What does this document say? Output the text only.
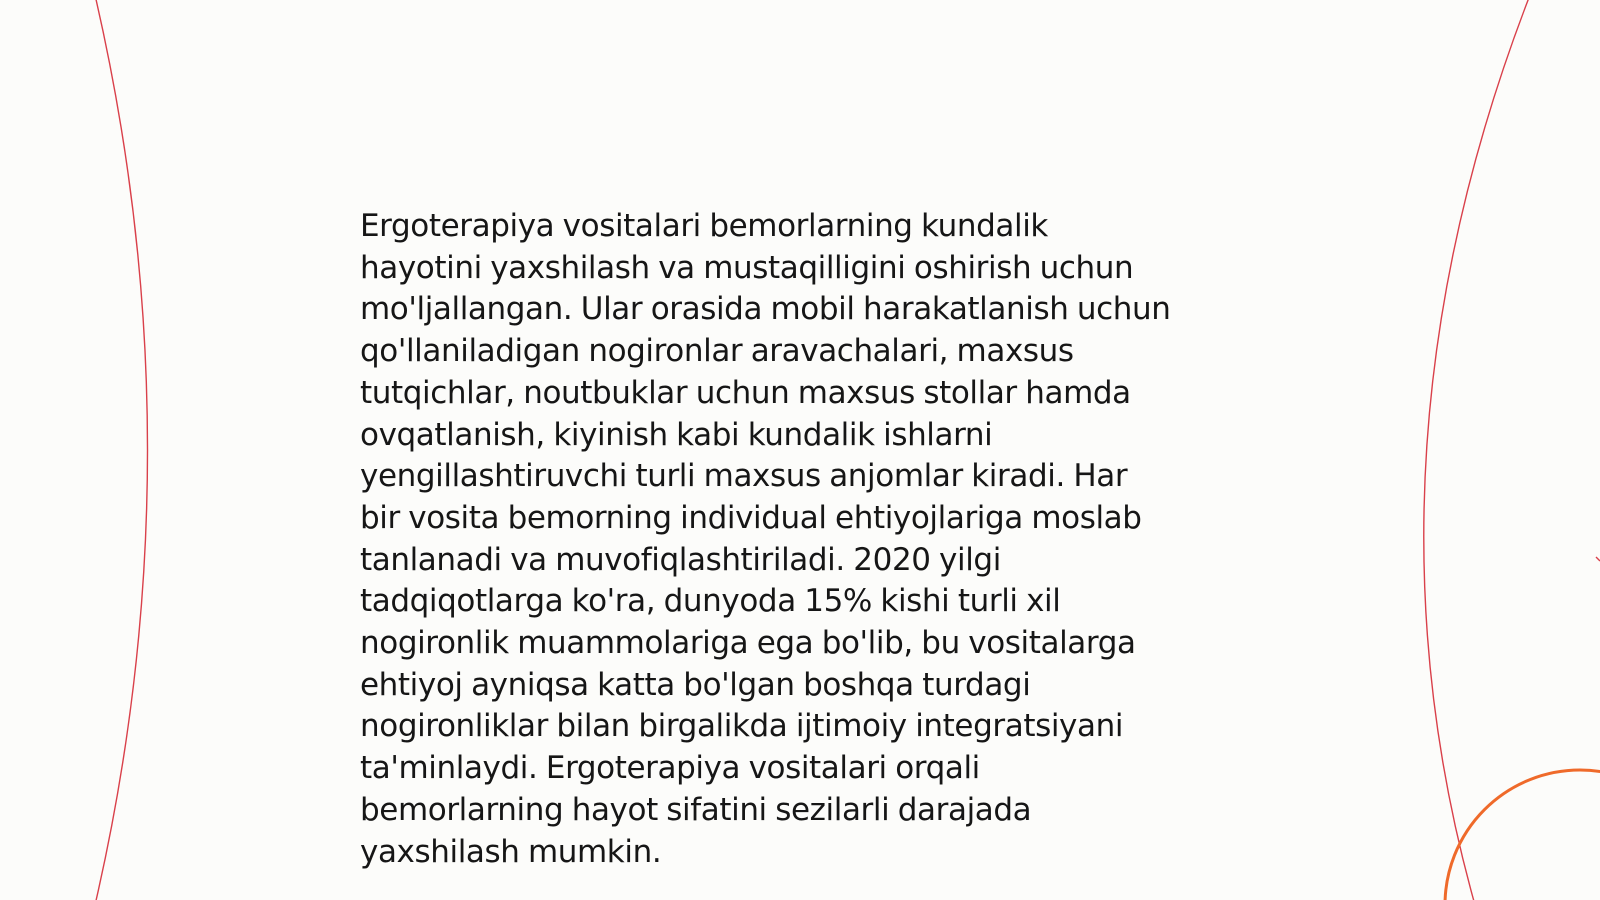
Ergoterapiya vositalari bemorlarning kundalik
hayotini yaxshilash va mustaqilligini oshirish uchun
mo'ljallangan. Ular orasida mobil harakatlanish uchun
qo'llaniladigan nogironlar aravachalari, maxsus
tutqichlar, noutbuklar uchun maxsus stollar hamda
ovqatlanish, kiyinish kabi kundalik ishlarni
yengillashtiruvchi turli maxsus anjomlar kiradi. Har
bir vosita bemorning individual ehtiyojlariga moslab
tanlanadi va muvofiqlashtiriladi. 2020 yilgi
tadqiqotlarga ko'ra, dunyoda 15% kishi turli xil
nogironlik muammolariga ega bo'lib, bu vositalarga
ehtiyoj ayniqsa katta bo'lgan boshqa turdagi
nogironliklar bilan birgalikda ijtimoiy integratsiyani
ta'minlaydi. Ergoterapiya vositalari orqali
bemorlarning hayot sifatini sezilarli darajada
yaxshilash mumkin.
